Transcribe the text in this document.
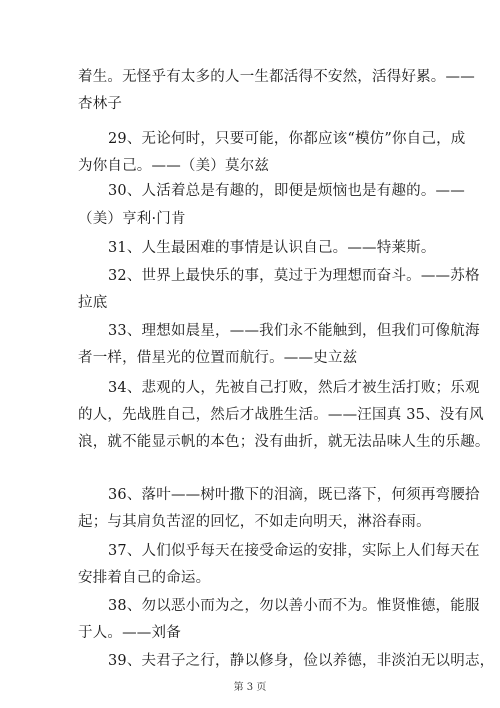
着生。无怪乎有太多的人一生都活得不安然，活得好累。——
杏林子
29、无论何时，只要可能，你都应该“模仿”你自己，成
为你自己。——（美）莫尔兹
30、人活着总是有趣的，即便是烦恼也是有趣的。——
（美）亨利·门肯
31、人生最困难的事情是认识自己。——特莱斯。
32、世界上最快乐的事，莫过于为理想而奋斗。——苏格
拉底
33、理想如晨星，——我们永不能触到，但我们可像航海
者一样，借星光的位置而航行。——史立兹
34、悲观的人，先被自己打败，然后才被生活打败；乐观
的人，先战胜自己，然后才战胜生活。——汪国真 35、没有风
浪，就不能显示帆的本色；没有曲折，就无法品味人生的乐趣。
36、落叶——树叶撒下的泪滴，既已落下，何须再弯腰拾
起；与其肩负苦涩的回忆，不如走向明天，淋浴春雨。
37、人们似乎每天在接受命运的安排，实际上人们每天在
安排着自己的命运。
38、勿以恶小而为之，勿以善小而不为。惟贤惟德，能服
于人。——刘备
39、夫君子之行，静以修身，俭以养德，非淡泊无以明志，
第 3 页
